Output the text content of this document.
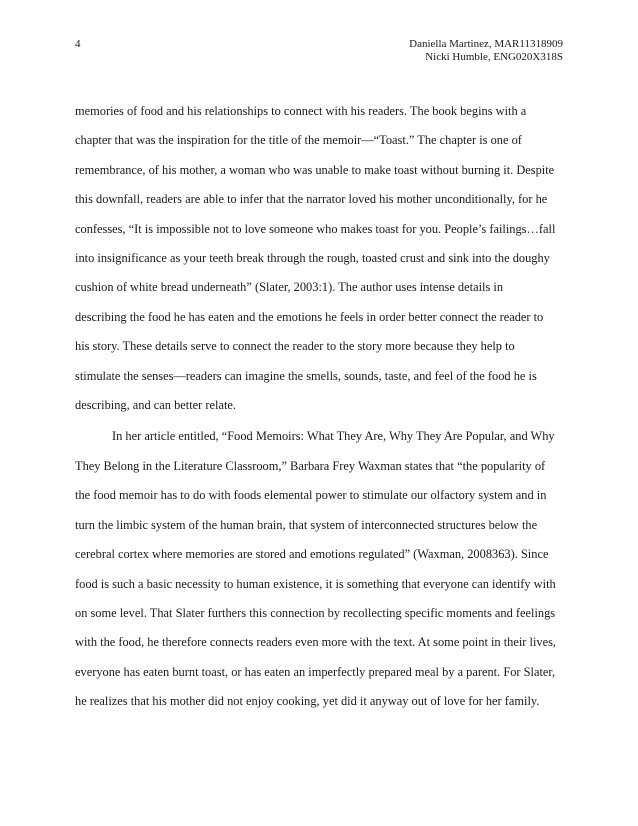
4	Daniella Martinez, MAR11318909
Nicki Humble, ENG020X318S
memories of food and his relationships to connect with his readers. The book begins with a
chapter that was the inspiration for the title of the memoir—“Toast.” The chapter is one of
remembrance, of his mother, a woman who was unable to make toast without burning it. Despite
this downfall, readers are able to infer that the narrator loved his mother unconditionally, for he
confesses, “It is impossible not to love someone who makes toast for you. People’s failings…fall
into insignificance as your teeth break through the rough, toasted crust and sink into the doughy
cushion of white bread underneath” (Slater, 2003:1). The author uses intense details in
describing the food he has eaten and the emotions he feels in order better connect the reader to
his story. These details serve to connect the reader to the story more because they help to
stimulate the senses—readers can imagine the smells, sounds, taste, and feel of the food he is
describing, and can better relate.
In her article entitled, “Food Memoirs: What They Are, Why They Are Popular, and Why
They Belong in the Literature Classroom,” Barbara Frey Waxman states that “the popularity of
the food memoir has to do with foods elemental power to stimulate our olfactory system and in
turn the limbic system of the human brain, that system of interconnected structures below the
cerebral cortex where memories are stored and emotions regulated” (Waxman, 2008363). Since
food is such a basic necessity to human existence, it is something that everyone can identify with
on some level. That Slater furthers this connection by recollecting specific moments and feelings
with the food, he therefore connects readers even more with the text. At some point in their lives,
everyone has eaten burnt toast, or has eaten an imperfectly prepared meal by a parent. For Slater,
he realizes that his mother did not enjoy cooking, yet did it anyway out of love for her family.
